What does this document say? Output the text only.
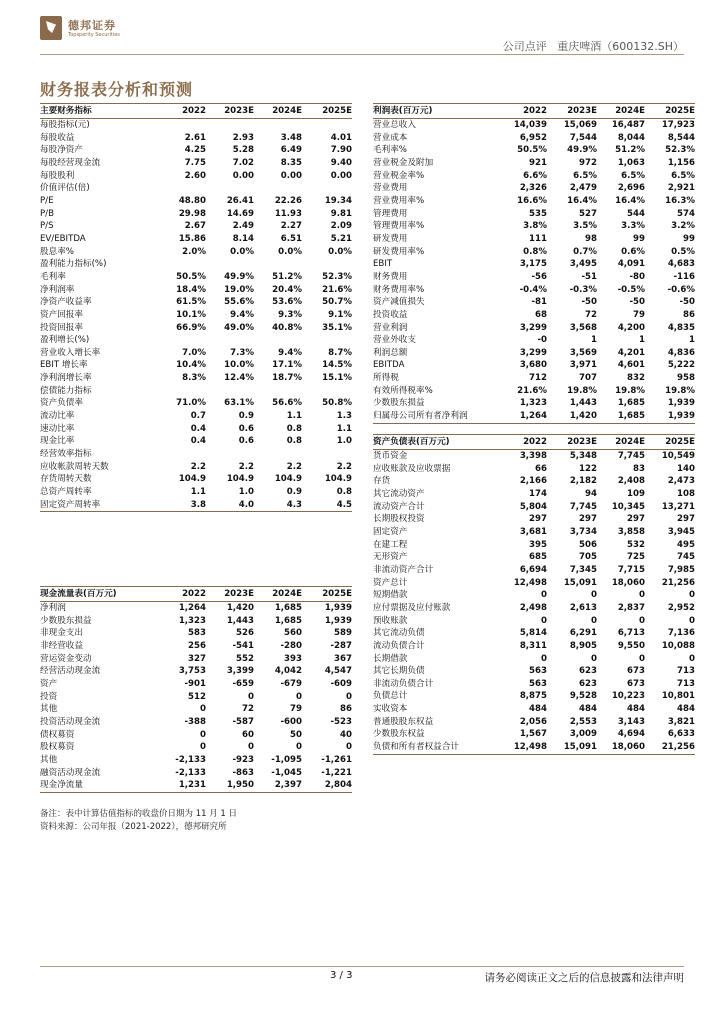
德邦证券
Topsperity Securities
公司点评 重庆啤酒（600132.SH）
财务报表分析和预测
主要财务指标	2022	2023E	2024E	2025E
每股指标(元)				
每股收益	2.61	2.93	3.48	4.01
每股净资产	4.25	5.28	6.49	7.90
每股经营现金流	7.75	7.02	8.35	9.40
每股股利	2.60	0.00	0.00	0.00
价值评估(倍)				
P/E	48.80	26.41	22.26	19.34
P/B	29.98	14.69	11.93	9.81
P/S	2.67	2.49	2.27	2.09
EV/EBITDA	15.86	8.14	6.51	5.21
股息率%	2.0%	0.0%	0.0%	0.0%
盈利能力指标(%)				
毛利率	50.5%	49.9%	51.2%	52.3%
净利润率	18.4%	19.0%	20.4%	21.6%
净资产收益率	61.5%	55.6%	53.6%	50.7%
资产回报率	10.1%	9.4%	9.3%	9.1%
投资回报率	66.9%	49.0%	40.8%	35.1%
盈利增长(%)				
营业收入增长率	7.0%	7.3%	9.4%	8.7%
EBIT 增长率	10.4%	10.0%	17.1%	14.5%
净利润增长率	8.3%	12.4%	18.7%	15.1%
偿债能力指标				
资产负债率	71.0%	63.1%	56.6%	50.8%
流动比率	0.7	0.9	1.1	1.3
速动比率	0.4	0.6	0.8	1.1
现金比率	0.4	0.6	0.8	1.0
经营效率指标				
应收帐款周转天数	2.2	2.2	2.2	2.2
存货周转天数	104.9	104.9	104.9	104.9
总资产周转率	1.1	1.0	0.9	0.8
固定资产周转率	3.8	4.0	4.3	4.5
利润表(百万元)	2022	2023E	2024E	2025E
营业总收入	14,039	15,069	16,487	17,923
营业成本	6,952	7,544	8,044	8,544
毛利率%	50.5%	49.9%	51.2%	52.3%
营业税金及附加	921	972	1,063	1,156
营业税金率%	6.6%	6.5%	6.5%	6.5%
营业费用	2,326	2,479	2,696	2,921
营业费用率%	16.6%	16.4%	16.4%	16.3%
管理费用	535	527	544	574
管理费用率%	3.8%	3.5%	3.3%	3.2%
研发费用	111	98	99	99
研发费用率%	0.8%	0.7%	0.6%	0.5%
EBIT	3,175	3,495	4,091	4,683
财务费用	-56	-51	-80	-116
财务费用率%	-0.4%	-0.3%	-0.5%	-0.6%
资产减值损失	-81	-50	-50	-50
投资收益	68	72	79	86
营业利润	3,299	3,568	4,200	4,835
营业外收支	-0	1	1	1
利润总额	3,299	3,569	4,201	4,836
EBITDA	3,680	3,971	4,601	5,222
所得税	712	707	832	958
有效所得税率%	21.6%	19.8%	19.8%	19.8%
少数股东损益	1,323	1,443	1,685	1,939
归属母公司所有者净利润	1,264	1,420	1,685	1,939
资产负债表(百万元)	2022	2023E	2024E	2025E
货币资金	3,398	5,348	7,745	10,549
应收账款及应收票据	66	122	83	140
存货	2,166	2,182	2,408	2,473
其它流动资产	174	94	109	108
流动资产合计	5,804	7,745	10,345	13,271
长期股权投资	297	297	297	297
固定资产	3,681	3,734	3,858	3,945
在建工程	395	506	532	495
无形资产	685	705	725	745
非流动资产合计	6,694	7,345	7,715	7,985
资产总计	12,498	15,091	18,060	21,256
短期借款	0	0	0	0
应付票据及应付账款	2,498	2,613	2,837	2,952
预收账款	0	0	0	0
其它流动负债	5,814	6,291	6,713	7,136
流动负债合计	8,311	8,905	9,550	10,088
长期借款	0	0	0	0
其它长期负债	563	623	673	713
非流动负债合计	563	623	673	713
负债总计	8,875	9,528	10,223	10,801
实收资本	484	484	484	484
普通股股东权益	2,056	2,553	3,143	3,821
少数股东权益	1,567	3,009	4,694	6,633
负债和所有者权益合计	12,498	15,091	18,060	21,256
现金流量表(百万元)	2022	2023E	2024E	2025E
净利润	1,264	1,420	1,685	1,939
少数股东损益	1,323	1,443	1,685	1,939
非现金支出	583	526	560	589
非经营收益	256	-541	-280	-287
营运资金变动	327	552	393	367
经营活动现金流	3,753	3,399	4,042	4,547
资产	-901	-659	-679	-609
投资	512	0	0	0
其他	0	72	79	86
投资活动现金流	-388	-587	-600	-523
债权募资	0	60	50	40
股权募资	0	0	0	0
其他	-2,133	-923	-1,095	-1,261
融资活动现金流	-2,133	-863	-1,045	-1,221
现金净流量	1,231	1,950	2,397	2,804
备注：表中计算估值指标的收盘价日期为 11 月 1 日
资料来源：公司年报（2021-2022），德邦研究所
3 / 3	请务必阅读正文之后的信息披露和法律声明
